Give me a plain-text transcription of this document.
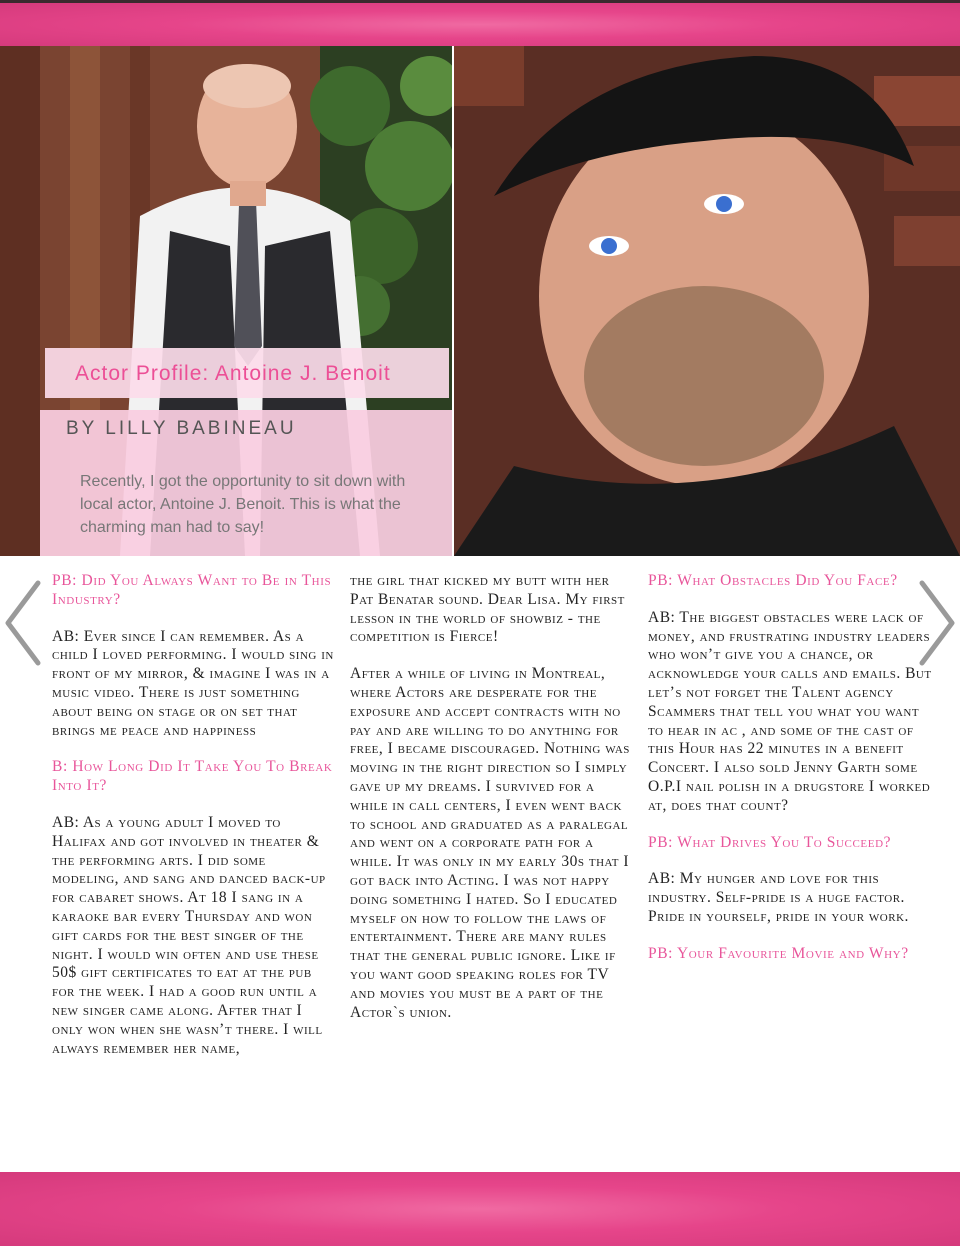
Actor Profile: Antoine J. Benoit
BY LILLY BABINEAU
Recently, I got the opportunity to sit down with local actor, Antoine J. Benoit. This is what the charming man had to say!

PB: Did You Always Want to Be in This Industry?

AB: Ever since I can remember. As a child I loved performing. I would sing in front of my mirror, & imagine I was in a music video. There is just something about being on stage or on set that brings me peace and happiness

B: How Long Did It Take You To Break Into It?

AB: As a young adult I moved to Halifax and got involved in theater & the performing arts. I did some modeling, and sang and danced back-up for cabaret shows. At 18 I sang in a karaoke bar every Thursday and won gift cards for the best singer of the night. I would win often and use these 50$ gift certificates to eat at the pub for the week. I had a good run until a new singer came along. After that I only won when she wasn’t there. I will always remember her name,

the girl that kicked my butt with her Pat Benatar sound. Dear Lisa. My first lesson in the world of showbiz - the competition is Fierce!

After a while of living in Montreal, where Actors are desperate for the exposure and accept contracts with no pay and are willing to do anything for free, I became discouraged. Nothing was moving in the right direction so I simply gave up my dreams. I survived for a while in call centers, I even went back to school and graduated as a paralegal and went on a corporate path for a while. It was only in my early 30s that I got back into Acting. I was not happy doing something I hated. So I educated myself on how to follow the laws of entertainment. There are many rules that the general public ignore. Like if you want good speaking roles for TV and movies you must be a part of the Actor`s union.

PB: What Obstacles Did You Face?

AB: The biggest obstacles were lack of money, and frustrating industry leaders who won’t give you a chance, or acknowledge your calls and emails. But let’s not forget the Talent agency Scammers that tell you what you want to hear in ac , and some of the cast of this Hour has 22 minutes in a benefit Concert. I also sold Jenny Garth some O.P.I nail polish in a drugstore I worked at, does that count?

PB: What Drives You To Succeed?

AB: My hunger and love for this industry. Self-pride is a huge factor. Pride in yourself, pride in your work.

PB: Your Favourite Movie and Why?
